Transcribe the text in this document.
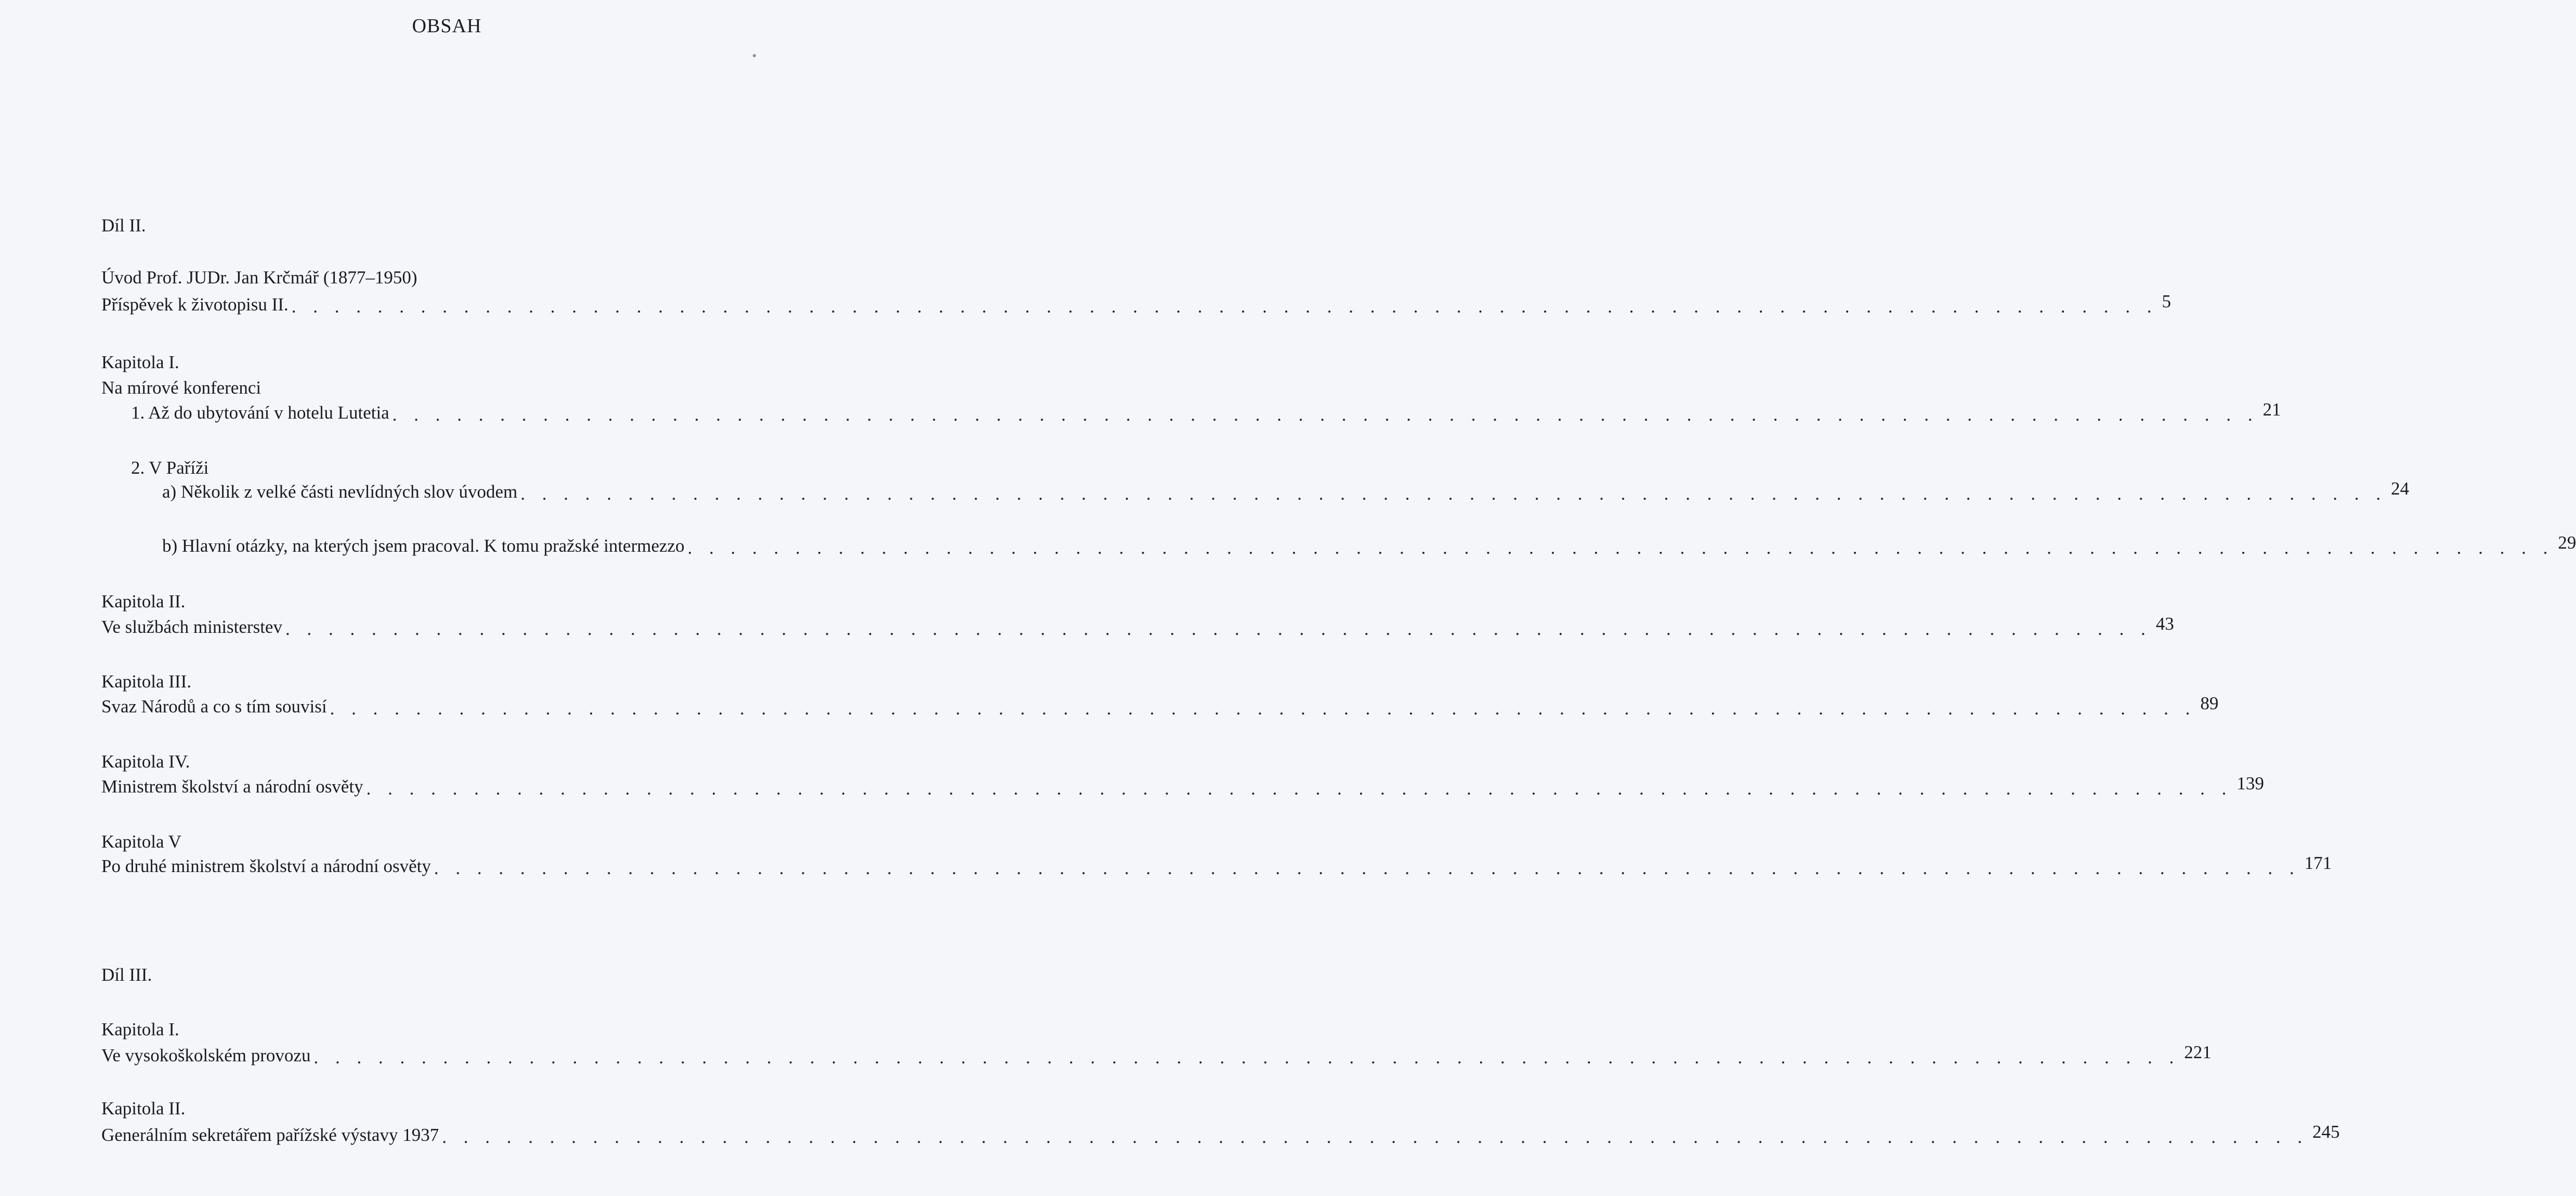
OBSAH
Díl II.
Úvod Prof. JUDr. Jan Krčmář (1877–1950)
Příspěvek k životopisu II. . . . . . . . . . . . . . . . . . . . . . . . . . . . . . . . . . . . . . . . . . . . . . . . . . . . . . . . . . . . . . . . . . . . . . . . . . . . . . . . . . . . . . . . 5
Kapitola I.
Na mírové konferenci
1. Až do ubytování v hotelu Lutetia . . . . . . . . . . . . . . . . . . . . . . . . . . . . . . . . . . . . . . . . . . . . . . . . . . . . . . . . . . . . . . . . . . . . . . . . . . . . . . . . . . . . . . . 21
2. V Paříži
a) Několik z velké části nevlídných slov úvodem . . . . . . . . . . . . . . . . . . . . . . . . . . . . . . . . . . . . . . . . . . . . . . . . . . . . . . . . . . . . . . . . . . . . . . . . . . . . . . . . . . . . . . . 24
b) Hlavní otázky, na kterých jsem pracoval. K tomu pražské intermezzo . . . . . . . . . . . . . . . . . . . . . . . . . . . . . . . . . . . . . . . . . . . . . . . . . . . . . . . . . . . . . . . . . . . . . . . . . . . . . . . . . . . . . . . 29
Kapitola II.
Ve službách ministerstev . . . . . . . . . . . . . . . . . . . . . . . . . . . . . . . . . . . . . . . . . . . . . . . . . . . . . . . . . . . . . . . . . . . . . . . . . . . . . . . . . . . . . . . 43
Kapitola III.
Svaz Národů a co s tím souvisí . . . . . . . . . . . . . . . . . . . . . . . . . . . . . . . . . . . . . . . . . . . . . . . . . . . . . . . . . . . . . . . . . . . . . . . . . . . . . . . . . . . . . . . 89
Kapitola IV.
Ministrem školství a národní osvěty . . . . . . . . . . . . . . . . . . . . . . . . . . . . . . . . . . . . . . . . . . . . . . . . . . . . . . . . . . . . . . . . . . . . . . . . . . . . . . . . . . . . . . . 139
Kapitola V
Po druhé ministrem školství a národní osvěty . . . . . . . . . . . . . . . . . . . . . . . . . . . . . . . . . . . . . . . . . . . . . . . . . . . . . . . . . . . . . . . . . . . . . . . . . . . . . . . . . . . . . . . 171
Díl III.
Kapitola I.
Ve vysokoškolském provozu . . . . . . . . . . . . . . . . . . . . . . . . . . . . . . . . . . . . . . . . . . . . . . . . . . . . . . . . . . . . . . . . . . . . . . . . . . . . . . . . . . . . . . . 221
Kapitola II.
Generálním sekretářem pařížské výstavy 1937 . . . . . . . . . . . . . . . . . . . . . . . . . . . . . . . . . . . . . . . . . . . . . . . . . . . . . . . . . . . . . . . . . . . . . . . . . . . . . . . . . . . . . . . 245
